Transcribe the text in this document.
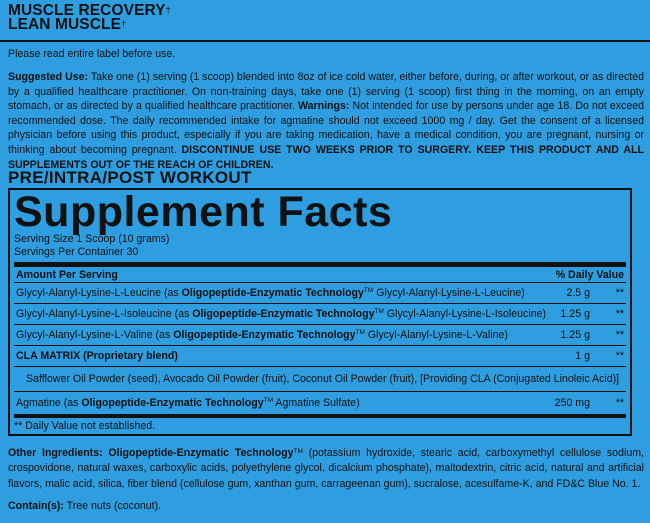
MUSCLE RECOVERY†
LEAN MUSCLE†
Please read entire label before use.
Suggested Use: Take one (1) serving (1 scoop) blended into 8oz of ice cold water, either before, during, or after workout, or as directed by a qualified healthcare practitioner. On non-training days, take one (1) serving (1 scoop) first thing in the morning, on an empty stomach, or as directed by a qualified healthcare practitioner. Warnings: Not intended for use by persons under age 18. Do not exceed recommended dose. The daily recommended intake for agmatine should not exceed 1000 mg / day. Get the consent of a licensed physician before using this product, especially if you are taking medication, have a medical condition, you are pregnant, nursing or thinking about becoming pregnant. DISCONTINUE USE TWO WEEKS PRIOR TO SURGERY. KEEP THIS PRODUCT AND ALL SUPPLEMENTS OUT OF THE REACH OF CHILDREN.
PRE/INTRA/POST WORKOUT
Supplement Facts
Serving Size 1 Scoop (10 grams)
Servings Per Container 30
Amount Per Serving	% Daily Value
Glycyl-Alanyl-Lysine-L-Leucine (as Oligopeptide-Enzymatic Technology™ Glycyl-Alanyl-Lysine-L-Leucine)	2.5 g **
Glycyl-Alanyl-Lysine-L-Isoleucine (as Oligopeptide-Enzymatic Technology™ Glycyl-Alanyl-Lysine-L-Isoleucine) 1.25 g **
Glycyl-Alanyl-Lysine-L-Valine (as Oligopeptide-Enzymatic Technology™ Glycyl-Alanyl-Lysine-L-Valine)	1.25 g **
CLA MATRIX (Proprietary blend)	1 g **
Safflower Oil Powder (seed), Avocado Oil Powder (fruit), Coconut Oil Powder (fruit), [Providing CLA (Conjugated Linoleic Acid)]
Agmatine (as Oligopeptide-Enzymatic Technology™ Agmatine Sulfate)	250 mg **
** Daily Value not established.
Other Ingredients: Oligopeptide-Enzymatic Technology™ (potassium hydroxide, stearic acid, carboxymethyl cellulose sodium, crospovidone, natural waxes, carboxylic acids, polyethylene glycol, dicalcium phosphate), maltodextrin, citric acid, natural and artificial flavors, malic acid, silica, fiber blend (cellulose gum, xanthan gum, carrageenan gum), sucralose, acesulfame-K, and FD&C Blue No. 1.
Contain(s): Tree nuts (coconut).
